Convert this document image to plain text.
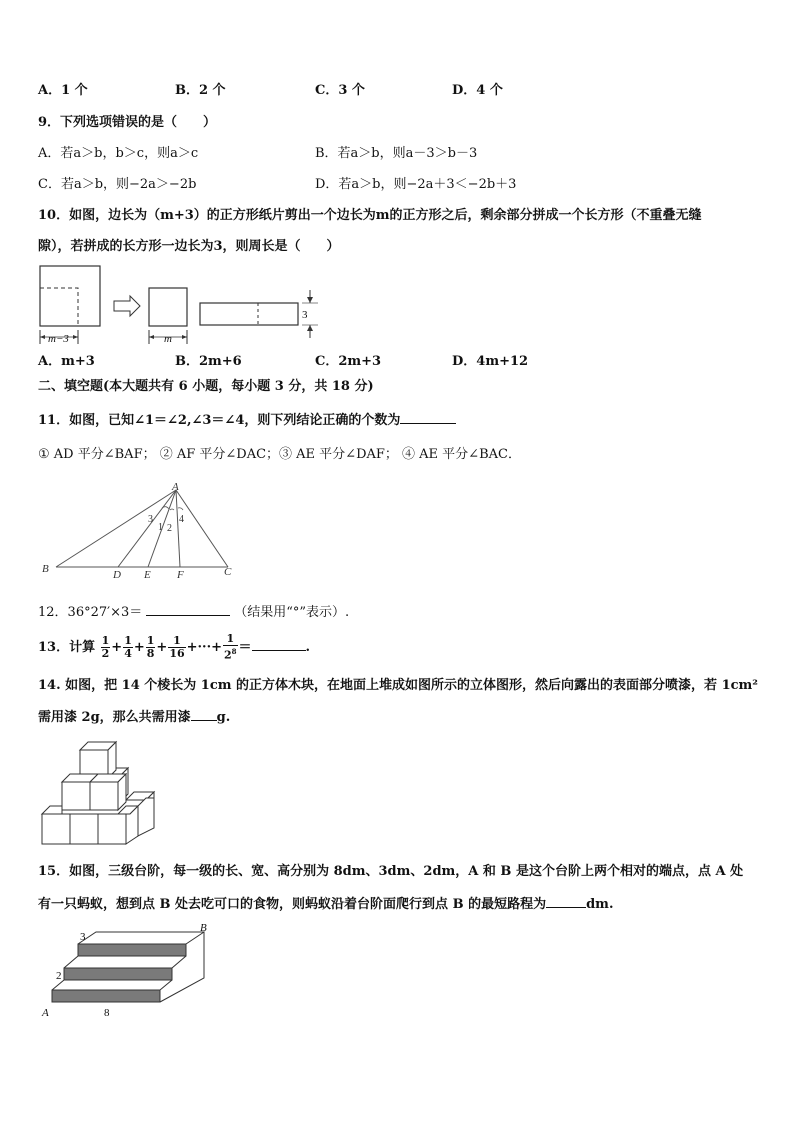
A．1 个	B．2 个	C．3 个	D．4 个
9．下列选项错误的是（　　）
A．若a＞b，b＞c，则a＞c	B．若a＞b，则a－3＞b－3
C．若a＞b，则−2a＞−2b	D．若a＞b，则−2a＋3＜−2b＋3
10．如图，边长为（m+3）的正方形纸片剪出一个边长为m的正方形之后，剩余部分拼成一个长方形（不重叠无缝
隙），若拼成的长方形一边长为3，则周长是（　　）
m−3	m
3
A．m+3	B．2m+6	C．2m+3	D．4m+12
二、填空题(本大题共有 6 小题，每小题 3 分，共 18 分)
11．如图，已知∠1＝∠2,∠3＝∠4，则下列结论正确的个数为
① AD 平分∠BAF； ② AF 平分∠DAC；③ AE 平分∠DAF； ④ AE 平分∠BAC．
A
B	C
D E F
3
1 2
4
12．36°27′×3＝	（结果用“°”表示）.
13．计算 $\frac{1}{2} + \frac{1}{4} + \frac{1}{8} + \frac{1}{16}$ +···+ $\frac{1}{2^8}$ ＝	.
14. 如图，把 14 个棱长为 1cm 的正方体木块，在地面上堆成如图所示的立体图形，然后向露出的表面部分喷漆，若 1cm²
需用漆 2g，那么共需用漆 g.
15．如图，三级台阶，每一级的长、宽、高分别为 8dm、3dm、2dm，A 和 B 是这个台阶上两个相对的端点，点 A 处
有一只蚂蚁，想到点 B 处去吃可口的食物，则蚂蚁沿着台阶面爬行到点 B 的最短路程为	dm.
B
3
2
A	8
